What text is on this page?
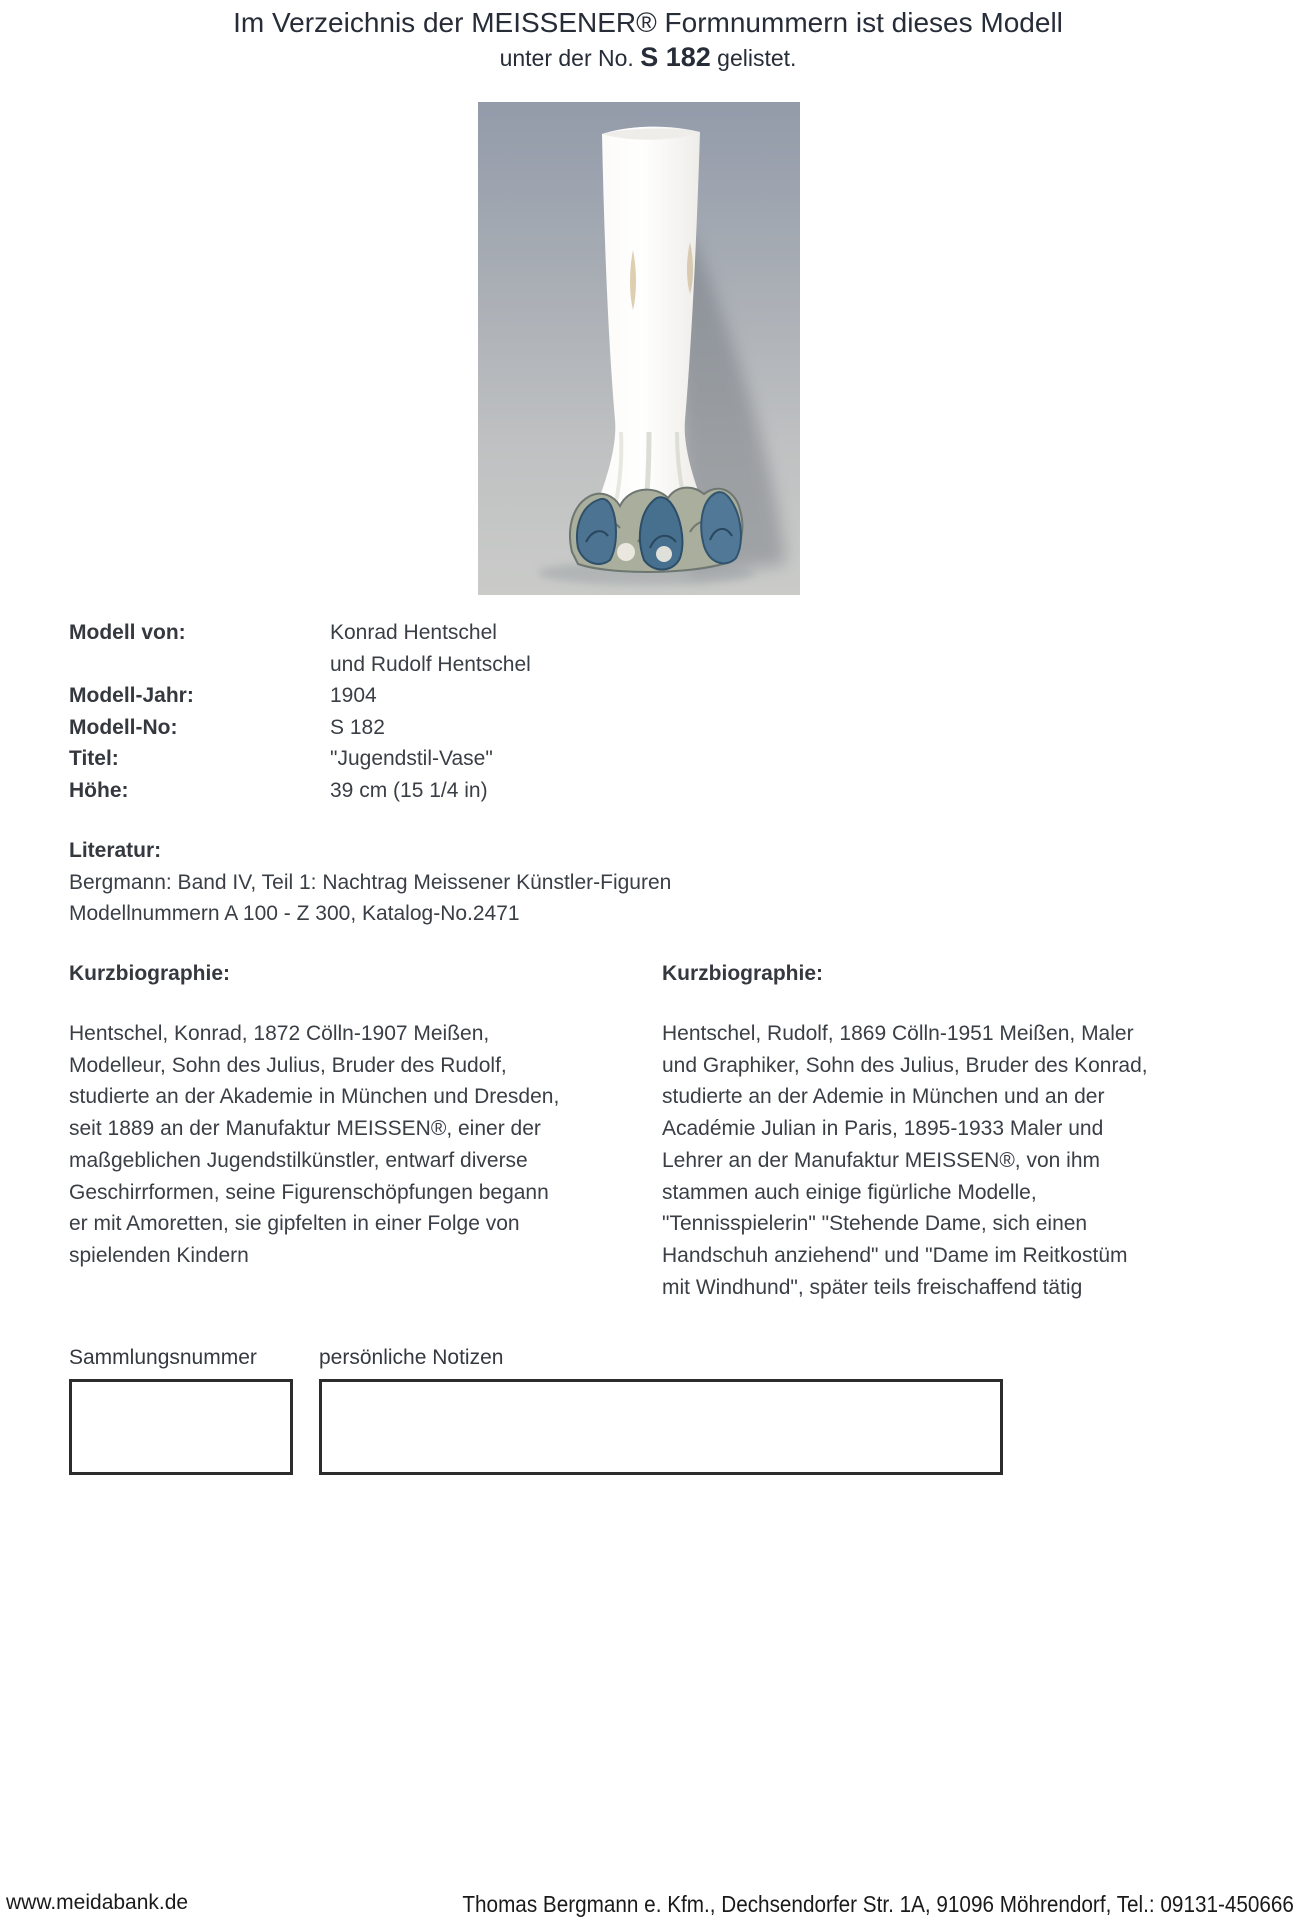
Im Verzeichnis der MEISSENER® Formnummern ist dieses Modell
unter der No. S 182 gelistet.
Modell von:	Konrad Hentschel
und Rudolf Hentschel
Modell-Jahr:	1904
Modell-No:	S 182
Titel:	"Jugendstil-Vase"
Höhe:	39 cm (15 1/4 in)
Literatur:
Bergmann: Band IV, Teil 1: Nachtrag Meissener Künstler-Figuren
Modellnummern A 100 - Z 300, Katalog-No.2471
Kurzbiographie:
Hentschel, Konrad, 1872 Cölln-1907 Meißen,
Modelleur, Sohn des Julius, Bruder des Rudolf,
studierte an der Akademie in München und Dresden,
seit 1889 an der Manufaktur MEISSEN®, einer der
maßgeblichen Jugendstilkünstler, entwarf diverse
Geschirrformen, seine Figurenschöpfungen begann
er mit Amoretten, sie gipfelten in einer Folge von
spielenden Kindern
Kurzbiographie:
Hentschel, Rudolf, 1869 Cölln-1951 Meißen, Maler
und Graphiker, Sohn des Julius, Bruder des Konrad,
studierte an der Ademie in München und an der
Académie Julian in Paris, 1895-1933 Maler und
Lehrer an der Manufaktur MEISSEN®, von ihm
stammen auch einige figürliche Modelle,
"Tennisspielerin" "Stehende Dame, sich einen
Handschuh anziehend" und "Dame im Reitkostüm
mit Windhund", später teils freischaffend tätig
Sammlungsnummer	persönliche Notizen
www.meidabank.de	Thomas Bergmann e. Kfm., Dechsendorfer Str. 1A, 91096 Möhrendorf, Tel.: 09131-450666
